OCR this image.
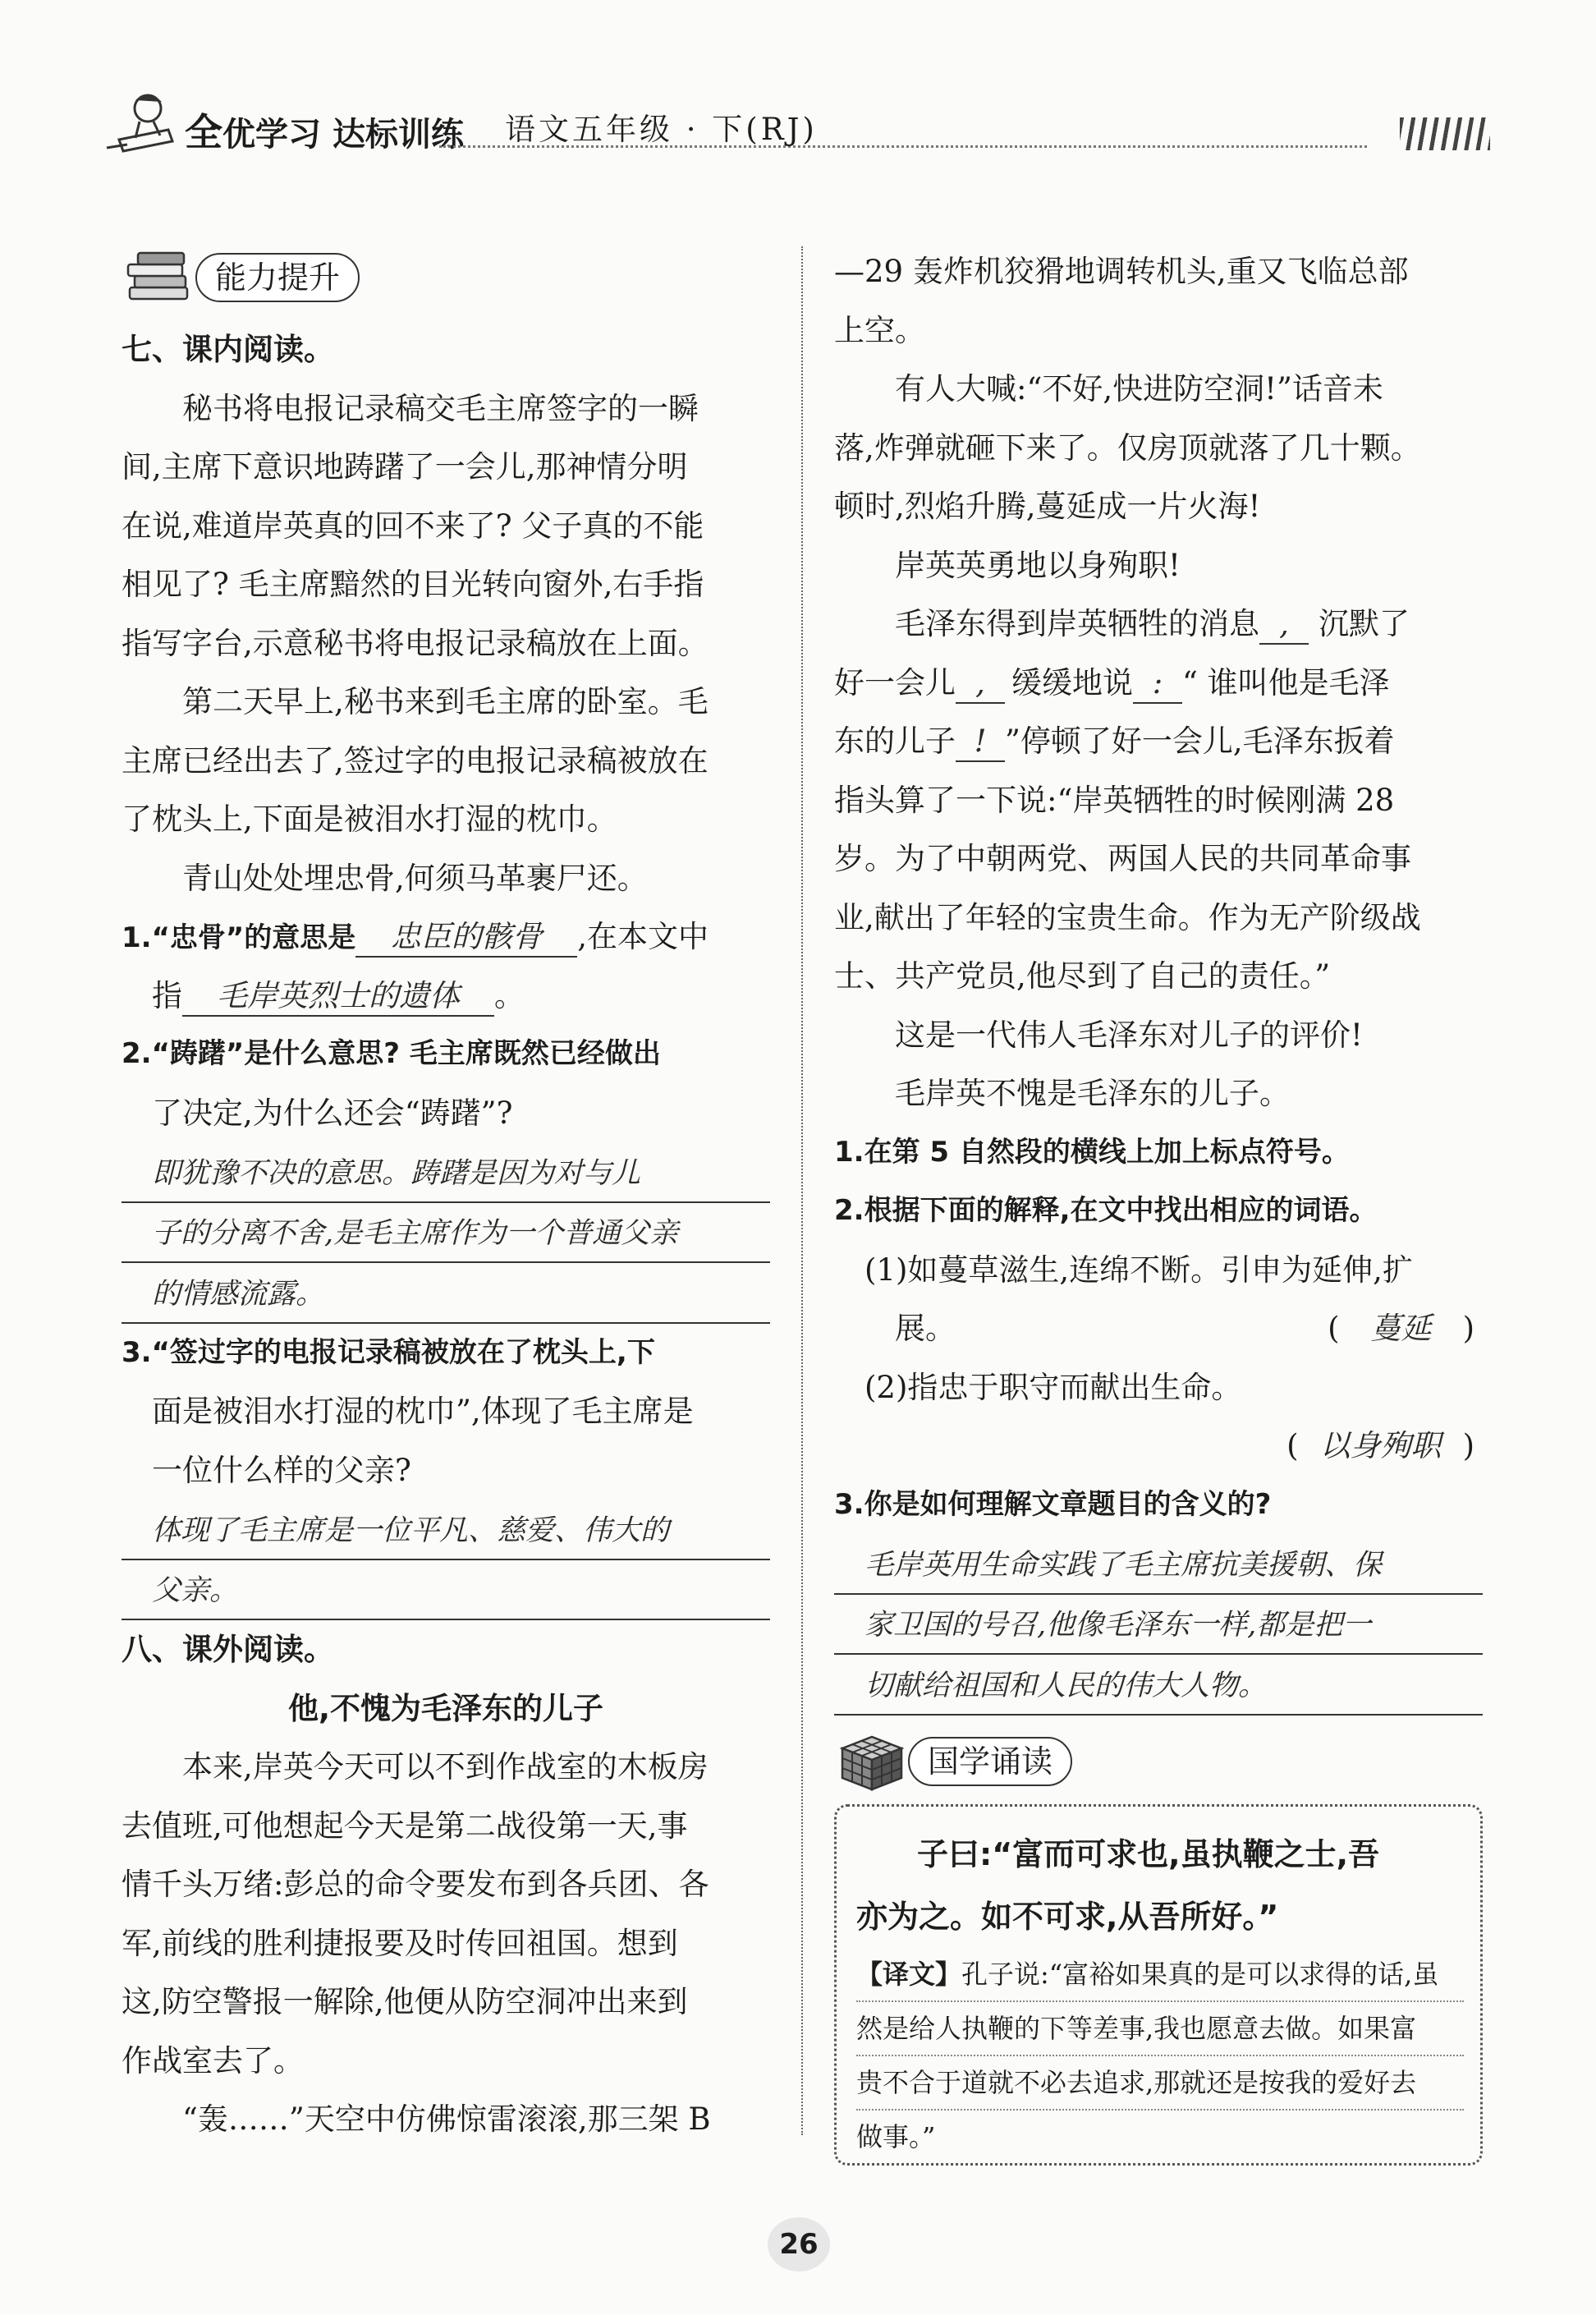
全优学习 达标训练 语文五年级 · 下(RJ)
能力提升
七、课内阅读。
秘书将电报记录稿交毛主席签字的一瞬
间,主席下意识地踌躇了一会儿,那神情分明
在说,难道岸英真的回不来了? 父子真的不能
相见了? 毛主席黯然的目光转向窗外,右手指
指写字台,示意秘书将电报记录稿放在上面。
第二天早上,秘书来到毛主席的卧室。毛
主席已经出去了,签过字的电报记录稿被放在
了枕头上,下面是被泪水打湿的枕巾。
青山处处埋忠骨,何须马革裹尸还。
1.“忠骨”的意思是 忠臣的骸骨 ,在本文中
指 毛岸英烈士的遗体 。
2.“踌躇”是什么意思? 毛主席既然已经做出
了决定,为什么还会“踌躇”?
即犹豫不决的意思。踌躇是因为对与儿
子的分离不舍,是毛主席作为一个普通父亲
的情感流露。
3.“签过字的电报记录稿被放在了枕头上,下
面是被泪水打湿的枕巾”,体现了毛主席是
一位什么样的父亲?
体现了毛主席是一位平凡、慈爱、伟大的
父亲。
八、课外阅读。
他,不愧为毛泽东的儿子
本来,岸英今天可以不到作战室的木板房
去值班,可他想起今天是第二战役第一天,事
情千头万绪:彭总的命令要发布到各兵团、各
军,前线的胜利捷报要及时传回祖国。想到
这,防空警报一解除,他便从防空洞冲出来到
作战室去了。
“轰……”天空中仿佛惊雷滚滚,那三架 B
—29 轰炸机狡猾地调转机头,重又飞临总部
上空。
有人大喊:“不好,快进防空洞!”话音未
落,炸弹就砸下来了。仅房顶就落了几十颗。
顿时,烈焰升腾,蔓延成一片火海!
岸英英勇地以身殉职!
毛泽东得到岸英牺牲的消息 , 沉默了
好一会儿 , 缓缓地说 : “ 谁叫他是毛泽
东的儿子 ! ”停顿了好一会儿,毛泽东扳着
指头算了一下说:“岸英牺牲的时候刚满 28
岁。为了中朝两党、两国人民的共同革命事
业,献出了年轻的宝贵生命。作为无产阶级战
士、共产党员,他尽到了自己的责任。”
这是一代伟人毛泽东对儿子的评价!
毛岸英不愧是毛泽东的儿子。
1.在第 5 自然段的横线上加上标点符号。
2.根据下面的解释,在文中找出相应的词语。
(1)如蔓草滋生,连绵不断。引申为延伸,扩
展。	( 蔓延 )
(2)指忠于职守而献出生命。
( 以身殉职 )
3.你是如何理解文章题目的含义的?
毛岸英用生命实践了毛主席抗美援朝、保
家卫国的号召,他像毛泽东一样,都是把一
切献给祖国和人民的伟大人物。
国学诵读
子曰:“富而可求也,虽执鞭之士,吾
亦为之。如不可求,从吾所好。”
【译文】孔子说:“富裕如果真的是可以求得的话,虽
然是给人执鞭的下等差事,我也愿意去做。如果富
贵不合于道就不必去追求,那就还是按我的爱好去
做事。”
26
